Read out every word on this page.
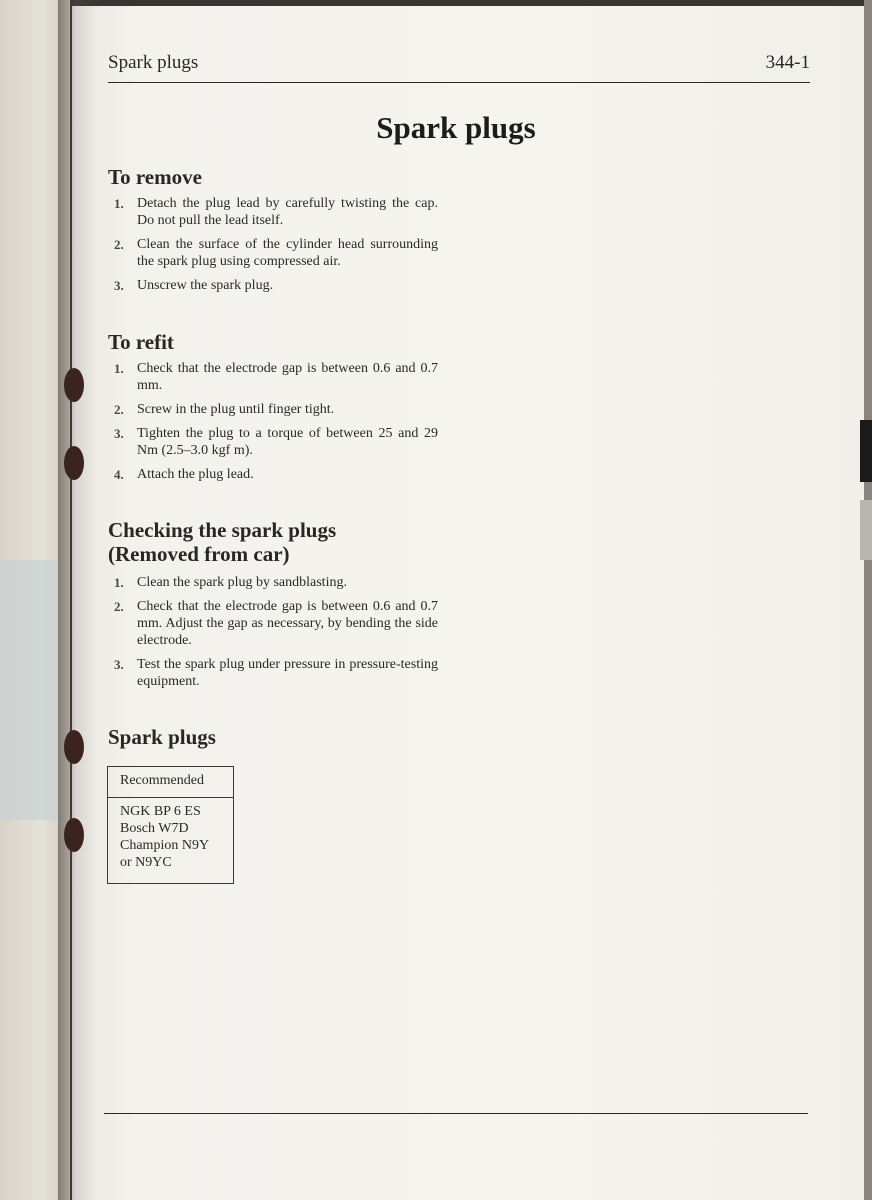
Spark plugs	344-1
Spark plugs
To remove
1. Detach the plug lead by carefully twisting the cap. Do not pull the lead itself.
2. Clean the surface of the cylinder head surrounding the spark plug using compressed air.
3. Unscrew the spark plug.
To refit
1. Check that the electrode gap is between 0.6 and 0.7 mm.
2. Screw in the plug until finger tight.
3. Tighten the plug to a torque of between 25 and 29 Nm (2.5–3.0 kgf m).
4. Attach the plug lead.
Checking the spark plugs
(Removed from car)
1. Clean the spark plug by sandblasting.
2. Check that the electrode gap is between 0.6 and 0.7 mm. Adjust the gap as necessary, by bending the side electrode.
3. Test the spark plug under pressure in pressure-testing equipment.
Spark plugs
Recommended
NGK BP 6 ES
Bosch W7D
Champion N9Y
or N9YC
